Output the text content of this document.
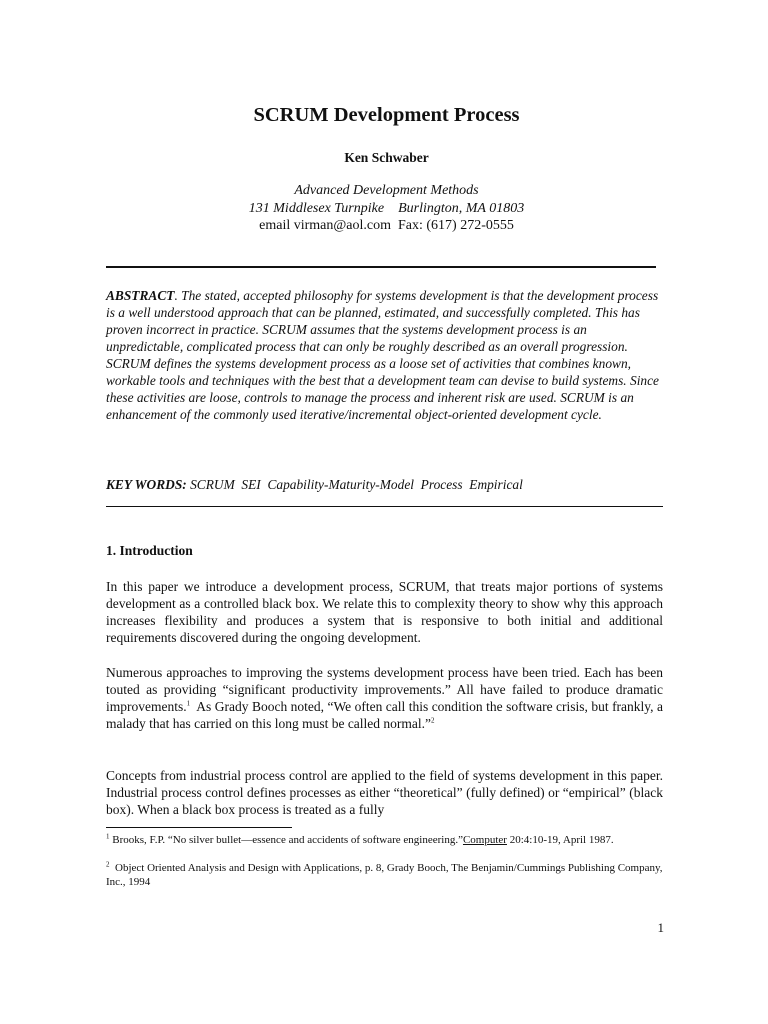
SCRUM Development Process
Ken Schwaber
Advanced Development Methods
131 Middlesex Turnpike    Burlington, MA 01803
email virman@aol.com  Fax: (617) 272-0555
ABSTRACT. The stated, accepted philosophy for systems development is that the development process is a well understood approach that can be planned, estimated, and successfully completed. This has proven incorrect in practice. SCRUM assumes that the systems development process is an unpredictable, complicated process that can only be roughly described as an overall progression. SCRUM defines the systems development process as a loose set of activities that combines known, workable tools and techniques with the best that a development team can devise to build systems. Since these activities are loose, controls to manage the process and inherent risk are used. SCRUM is an enhancement of the commonly used iterative/incremental object-oriented development cycle.
KEY WORDS: SCRUM  SEI  Capability-Maturity-Model  Process  Empirical
1. Introduction
In this paper we introduce a development process, SCRUM, that treats major portions of systems development as a controlled black box. We relate this to complexity theory to show why this approach increases flexibility and produces a system that is responsive to both initial and additional requirements discovered during the ongoing development.
Numerous approaches to improving the systems development process have been tried. Each has been touted as providing “significant productivity improvements.” All have failed to produce dramatic improvements.$^1$  As Grady Booch noted, “We often call this condition the software crisis, but frankly, a malady that has carried on this long must be called normal.”$^2$
Concepts from industrial process control are applied to the field of systems development in this paper. Industrial process control defines processes as either “theoretical” (fully defined) or “empirical” (black box). When a black box process is treated as a fully
$^1$ Brooks, F.P. “No silver bullet—essence and accidents of software engineering.”Computer 20:4:10-19, April 1987.
$^2$  Object Oriented Analysis and Design with Applications, p. 8, Grady Booch, The Benjamin/Cummings Publishing Company, Inc., 1994
1
